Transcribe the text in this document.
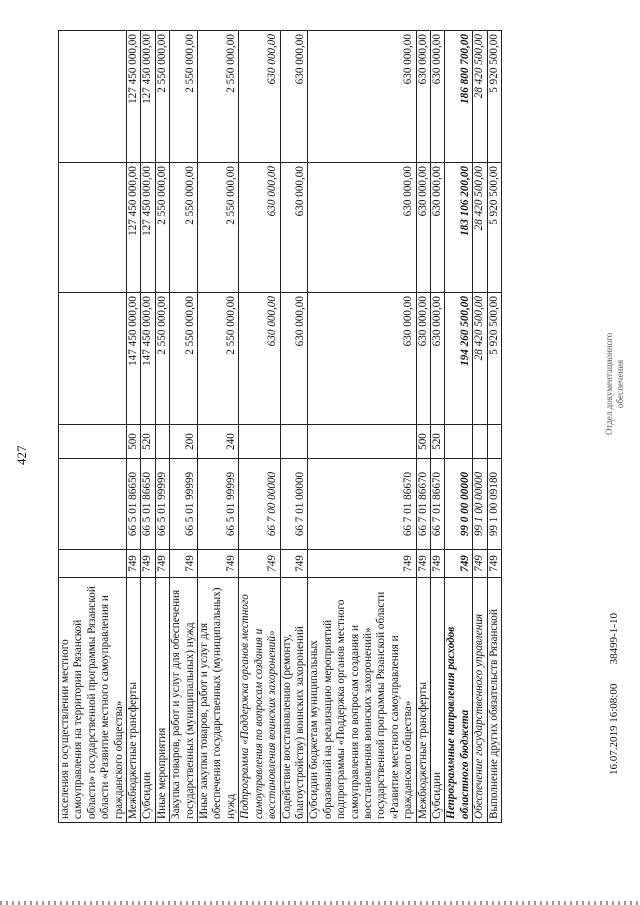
427
населения в осуществлении местного самоуправления на территории Рязанской области» государственной программы Рязанской области «Развитие местного самоуправления и гражданского общества»						
Межбюджетные трансферты	749	66 5 01 86650	500	147 450 000,00	127 450 000,00	127 450 000,00
Субсидии	749	66 5 01 86650	520	147 450 000,00	127 450 000,00	127 450 000,00
Иные мероприятия	749	66 5 01 99999		2 550 000,00	2 550 000,00	2 550 000,00
Закупка товаров, работ и услуг для обеспечения государственных (муниципальных) нужд	749	66 5 01 99999	200	2 550 000,00	2 550 000,00	2 550 000,00
Иные закупки товаров, работ и услуг для обеспечения государственных (муниципальных) нужд	749	66 5 01 99999	240	2 550 000,00	2 550 000,00	2 550 000,00
Подпрограмма «Поддержка органов местного самоуправления по вопросам создания и восстановления воинских захоронений»	749	66 7 00 00000		630 000,00	630 000,00	630 000,00
Содействие восстановлению (ремонту, благоустройству) воинских захоронений	749	66 7 01 00000		630 000,00	630 000,00	630 000,00
Субсидии бюджетам муниципальных образований на реализацию мероприятий подпрограммы «Поддержка органов местного самоуправления по вопросам создания и восстановления воинских захоронений» государственной программы Рязанской области «Развитие местного самоуправления и гражданского общества»	749	66 7 01 86670		630 000,00	630 000,00	630 000,00
Межбюджетные трансферты	749	66 7 01 86670	500	630 000,00	630 000,00	630 000,00
Субсидии	749	66 7 01 86670	520	630 000,00	630 000,00	630 000,00
Непрограммные направления расходов областного бюджета	749	99 0 00 00000		194 260 500,00	183 106 200,00	186 800 700,00
Обеспечение государственного управления	749	99 1 00 00000		28 420 500,00	28 420 500,00	28 420 500,00
Выполнение других обязательств Рязанской	749	99 1 00 09180		5 920 500,00	5 920 500,00	5 920 500,00
16.07.2019 16:08:00       38499-1-10
Отдел документационного обеспечения
